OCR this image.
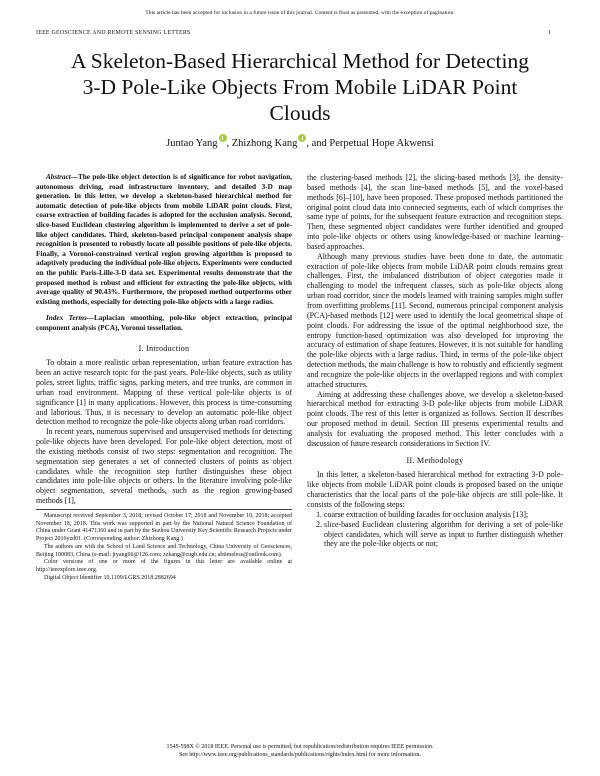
This article has been accepted for inclusion in a future issue of this journal. Content is final as presented, with the exception of pagination.
IEEE GEOSCIENCE AND REMOTE SENSING LETTERS	1
A Skeleton-Based Hierarchical Method for Detecting 3-D Pole-Like Objects From Mobile LiDAR Point Clouds
Juntao Yang , Zhizhong Kang , and Perpetual Hope Akwensi

Abstract—The pole-like object detection is of significance for robot navigation, autonomous driving, road infrastructure inventory, and detailed 3-D map generation. In this letter, we develop a skeleton-based hierarchical method for automatic detection of pole-like objects from mobile LiDAR point clouds. First, coarse extraction of building facades is adopted for the occlusion analysis. Second, slice-based Euclidean clustering algorithm is implemented to derive a set of pole-like object candidates. Third, skeleton-based principal component analysis shape recognition is presented to robustly locate all possible positions of pole-like objects. Finally, a Voronoi-constrained vertical region growing algorithm is proposed to adaptively producing the individual pole-like objects. Experiments were conducted on the public Paris-Lille-3-D data set. Experimental results demonstrate that the proposed method is robust and efficient for extracting the pole-like objects, with average quality of 90.43%. Furthermore, the proposed method outperforms other existing methods, especially for detecting pole-like objects with a large radius.

Index Terms—Laplacian smoothing, pole-like object extraction, principal component analysis (PCA), Voronoi tessellation.

I. Introduction

To obtain a more realistic urban representation, urban feature extraction has been an active research topic for the past years. Pole-like objects, such as utility poles, street lights, traffic signs, parking meters, and tree trunks, are common in urban road environment. Mapping of these vertical pole-like objects is of significance [1] in many applications. However, this process is time-consuming and laborious. Thus, it is necessary to develop an automatic pole-like object detection method to recognize the pole-like objects along urban road corridors.

In recent years, numerous supervised and unsupervised methods for detecting pole-like objects have been developed. For pole-like object detection, most of the existing methods consist of two steps: segmentation and recognition. The segmentation step generates a set of connected clusters of points as object candidates while the recognition step further distinguishes these object candidates into pole-like objects or others. In the literature involving pole-like object segmentation, several methods, such as the region growing-based methods [1],

Manuscript received September 3, 2018; revised October 17, 2018 and November 10, 2018; accepted November 18, 2018. This work was supported in part by the National Natural Science Foundation of China under Grant 41471360 and in part by the Suzhou University Key Scientific Research Projects under Project 2016yzd01. (Corresponding author: Zhizhong Kang.)

The authors are with the School of Land Science and Technology, China University of Geosciences, Beijing 100083, China (e-mail: jtyang66@126.com; zzkang@cugb.edu.cn; abtimeless@outlook.com).

Color versions of one or more of the figures in this letter are available online at http://ieeexplore.ieee.org.

Digital Object Identifier 10.1109/LGRS.2018.2882694

the clustering-based methods [2], the slicing-based methods [3], the density-based methods [4], the scan line-based methods [5], and the voxel-based methods [6]–[10], have been proposed. These proposed methods partitioned the original point cloud data into connected segments, each of which comprises the same type of points, for the subsequent feature extraction and recognition steps. Then, these segmented object candidates were further identified and grouped into pole-like objects or others using knowledge-based or machine learning-based approaches.

Although many previous studies have been done to date, the automatic extraction of pole-like objects from mobile LiDAR point clouds remains great challenges. First, the imbalanced distribution of object categories made it challenging to model the infrequent classes, such as pole-like objects along urban road corridor, since the models learned with training samples might suffer from overfitting problems [11]. Second, numerous principal component analysis (PCA)-based methods [12] were used to identify the local geometrical shape of point clouds. For addressing the issue of the optimal neighborhood size, the entropy function-based optimization was also developed for improving the accuracy of estimation of shape features. However, it is not suitable for handling the pole-like objects with a large radius. Third, in terms of the pole-like object detection methods, the main challenge is how to robustly and efficiently segment and recognize the pole-like objects in the overlapped regions and with complex attached structures.

Aiming at addressing these challenges above, we develop a skeleton-based hierarchical method for extracting 3-D pole-like objects from mobile LiDAR point clouds. The rest of this letter is organized as follows. Section II describes our proposed method in detail. Section III presents experimental results and analysis for evaluating the proposed method. This letter concludes with a discussion of future research considerations in Section IV.

II. Methodology

In this letter, a skeleton-based hierarchical method for extracting 3-D pole-like objects from mobile LiDAR point clouds is proposed based on the unique characteristics that the local parts of the pole-like objects are still pole-like. It consists of the following steps:

1. coarse extraction of building facades for occlusion analysis [13];
2. slice-based Euclidean clustering algorithm for deriving a set of pole-like object candidates, which will serve as input to further distinguish whether they are the pole-like objects or not;
1545-598X © 2018 IEEE. Personal use is permitted, but republication/redistribution requires IEEE permission.
See http://www.ieee.org/publications_standards/publications/rights/index.html for more information.
